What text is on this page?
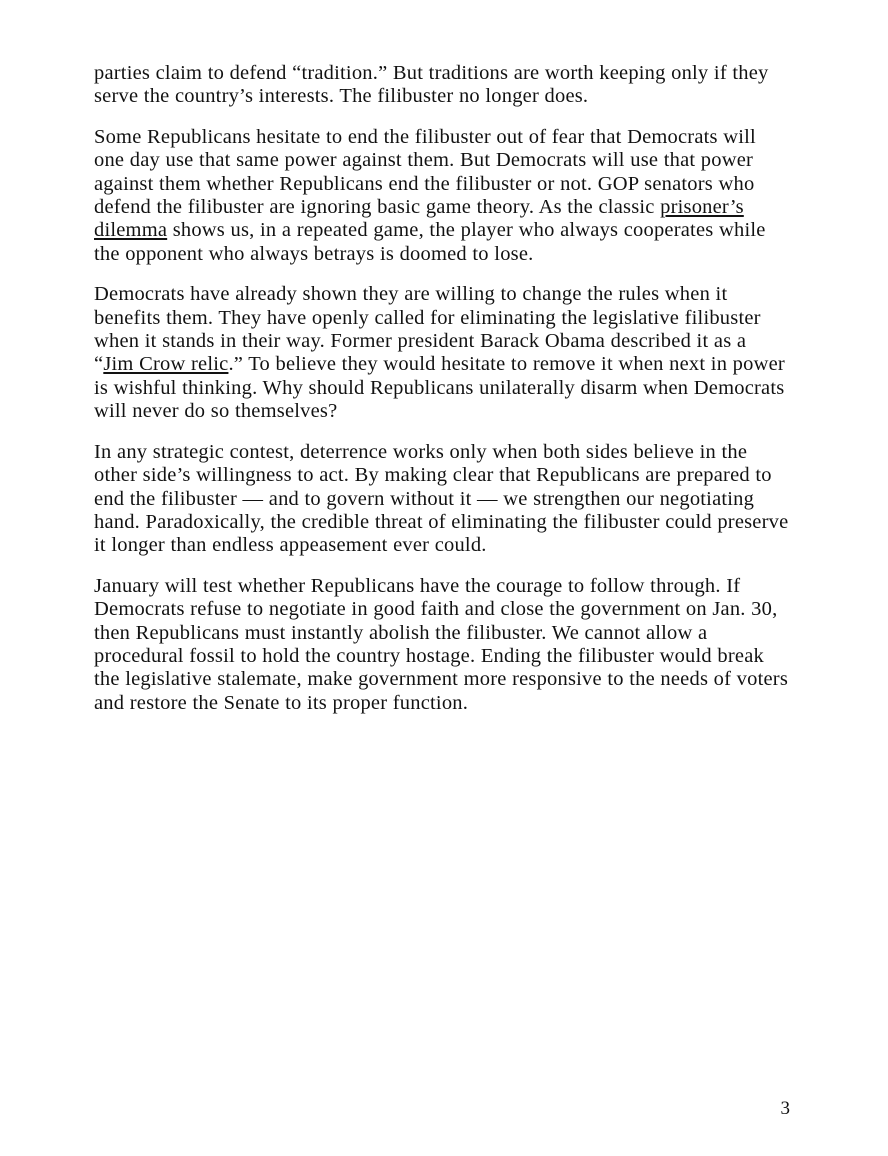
parties claim to defend “tradition.” But traditions are worth keeping only if they serve the country’s interests. The filibuster no longer does.

Some Republicans hesitate to end the filibuster out of fear that Democrats will one day use that same power against them. But Democrats will use that power against them whether Republicans end the filibuster or not. GOP senators who defend the filibuster are ignoring basic game theory. As the classic prisoner’s dilemma shows us, in a repeated game, the player who always cooperates while the opponent who always betrays is doomed to lose.

Democrats have already shown they are willing to change the rules when it benefits them. They have openly called for eliminating the legislative filibuster when it stands in their way. Former president Barack Obama described it as a “Jim Crow relic.” To believe they would hesitate to remove it when next in power is wishful thinking. Why should Republicans unilaterally disarm when Democrats will never do so themselves?

In any strategic contest, deterrence works only when both sides believe in the other side’s willingness to act. By making clear that Republicans are prepared to end the filibuster — and to govern without it — we strengthen our negotiating hand. Paradoxically, the credible threat of eliminating the filibuster could preserve it longer than endless appeasement ever could.

January will test whether Republicans have the courage to follow through. If Democrats refuse to negotiate in good faith and close the government on Jan. 30, then Republicans must instantly abolish the filibuster. We cannot allow a procedural fossil to hold the country hostage. Ending the filibuster would break the legislative stalemate, make government more responsive to the needs of voters and restore the Senate to its proper function.

3
